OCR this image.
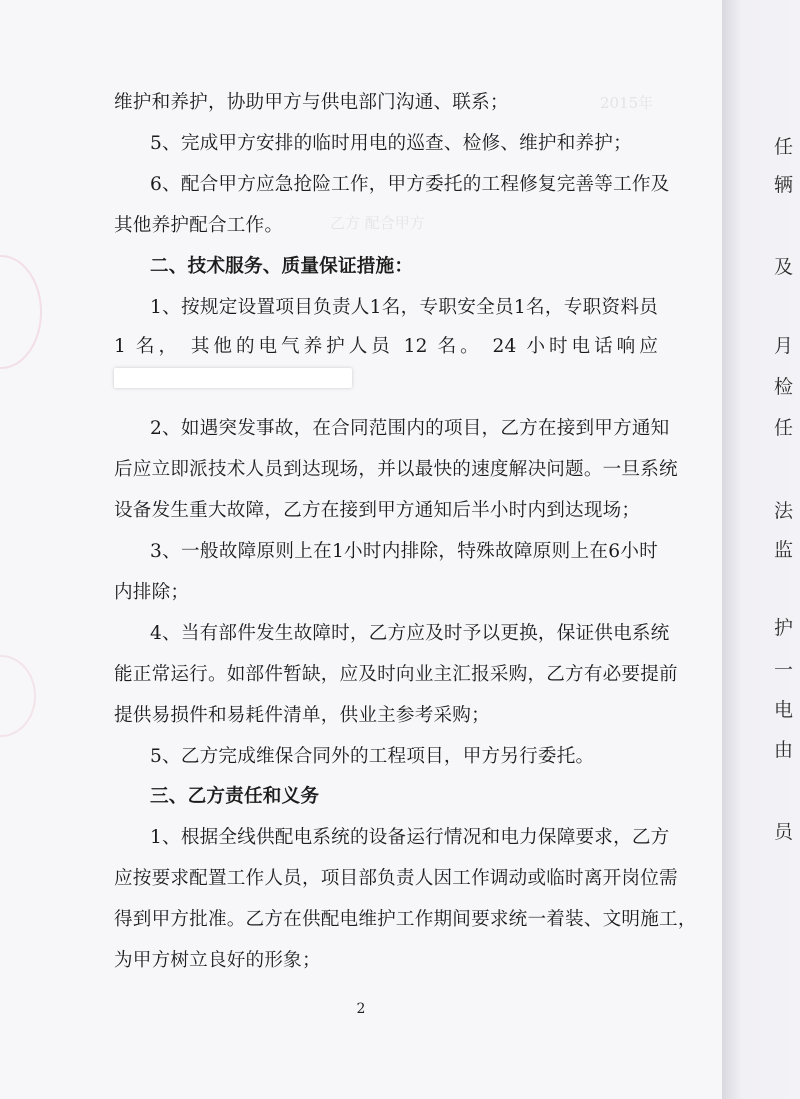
2015年
乙方 配合甲方
维护和养护，协助甲方与供电部门沟通、联系；
5、完成甲方安排的临时用电的巡查、检修、维护和养护；
6、配合甲方应急抢险工作，甲方委托的工程修复完善等工作及
其他养护配合工作。
二、技术服务、质量保证措施：
1、按规定设置项目负责人1名，专职安全员1名，专职资料员
1 名， 其他的电气养护人员 12 名。 24 小时电话响应
2、如遇突发事故，在合同范围内的项目，乙方在接到甲方通知
后应立即派技术人员到达现场，并以最快的速度解决问题。一旦系统
设备发生重大故障，乙方在接到甲方通知后半小时内到达现场；
3、一般故障原则上在1小时内排除，特殊故障原则上在6小时
内排除；
4、当有部件发生故障时，乙方应及时予以更换，保证供电系统
能正常运行。如部件暂缺，应及时向业主汇报采购，乙方有必要提前
提供易损件和易耗件清单，供业主参考采购；
5、乙方完成维保合同外的工程项目，甲方另行委托。
三、乙方责任和义务
1、根据全线供配电系统的设备运行情况和电力保障要求，乙方
应按要求配置工作人员，项目部负责人因工作调动或临时离开岗位需
得到甲方批准。乙方在供配电维护工作期间要求统一着装、文明施工，
为甲方树立良好的形象；
2
任
辆
及
月
检
任
法
监
护
一
电
由
员
